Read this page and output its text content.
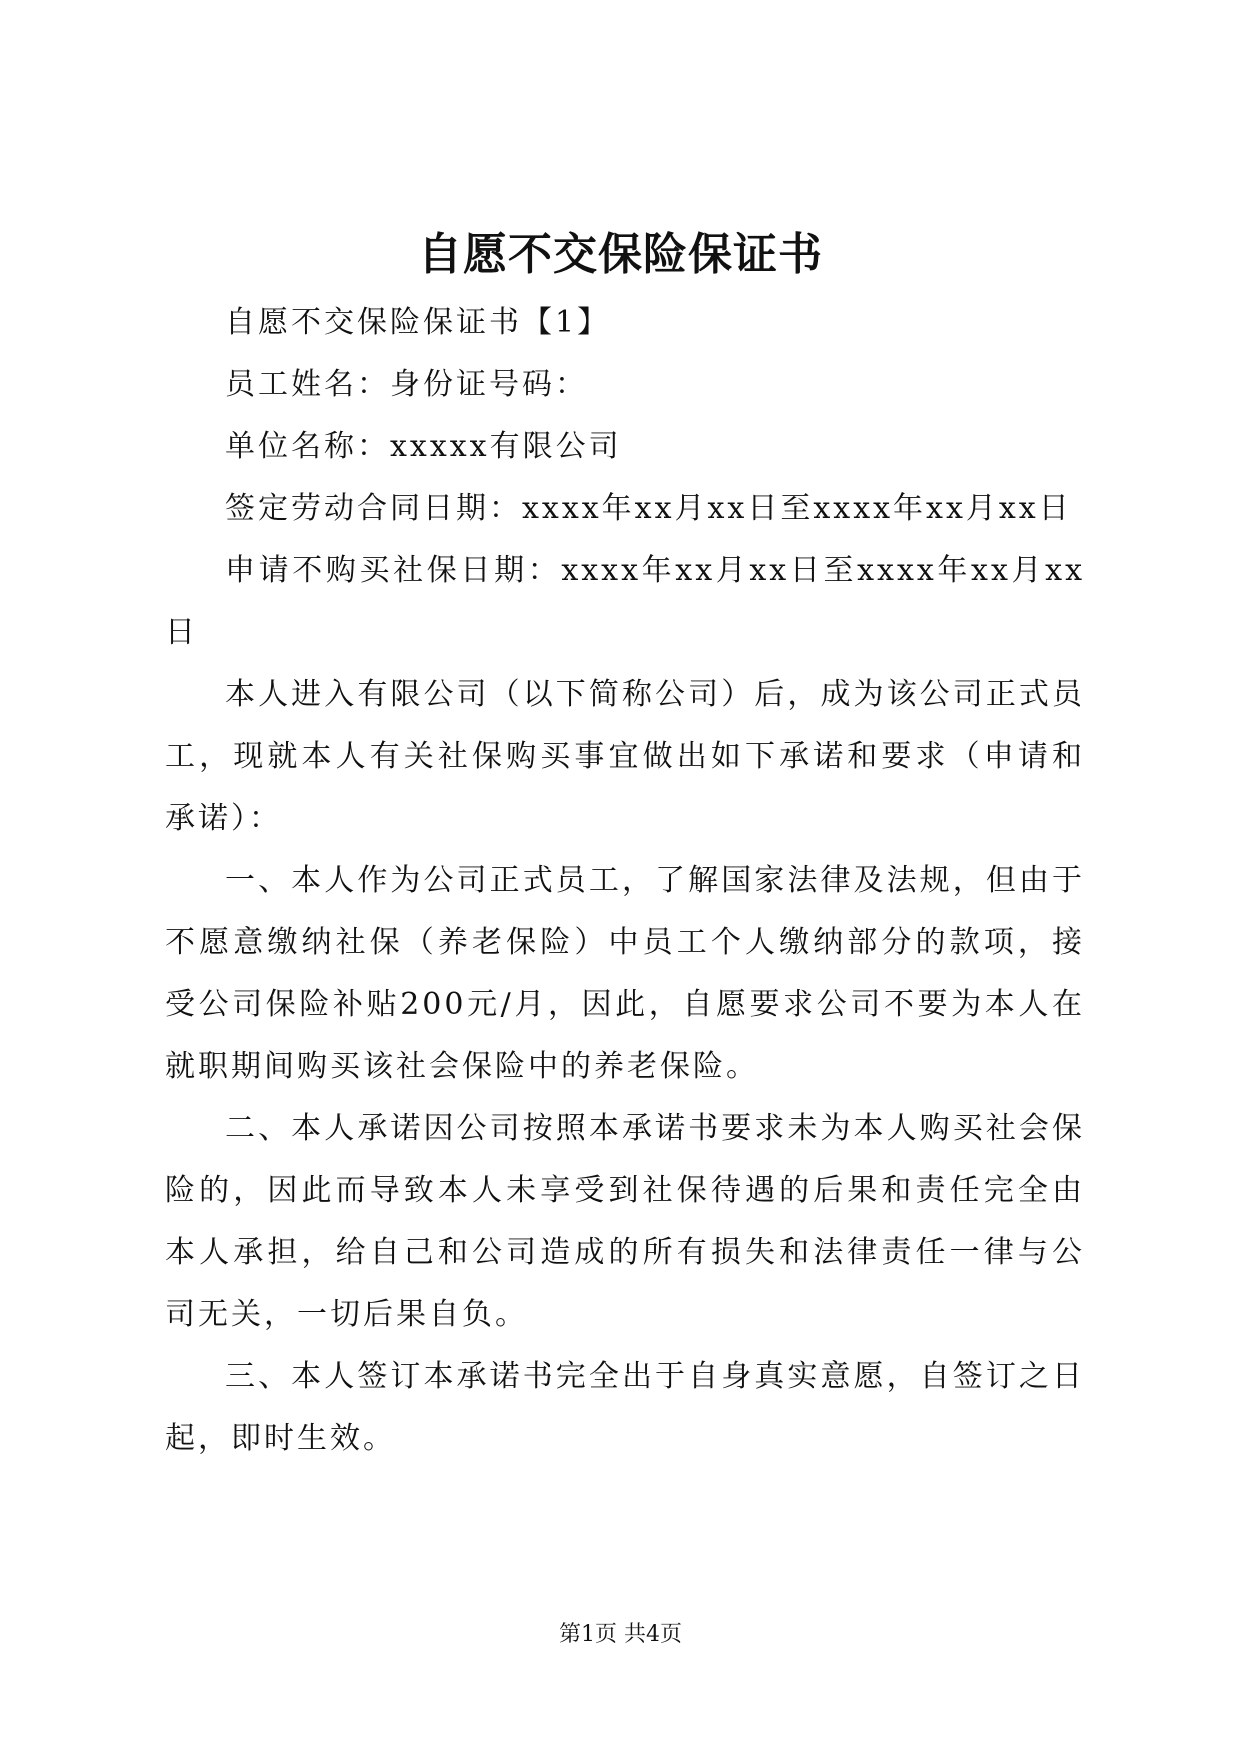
自愿不交保险保证书

自愿不交保险保证书【1】

员工姓名：身份证号码：

单位名称：xxxxx有限公司

签定劳动合同日期：xxxx年xx月xx日至xxxx年xx月xx日

申请不购买社保日期：xxxx年xx月xx日至xxxx年xx月xx日

本人进入有限公司（以下简称公司）后，成为该公司正式员工，现就本人有关社保购买事宜做出如下承诺和要求（申请和承诺）：

一、本人作为公司正式员工，了解国家法律及法规，但由于不愿意缴纳社保（养老保险）中员工个人缴纳部分的款项，接受公司保险补贴200元/月，因此，自愿要求公司不要为本人在就职期间购买该社会保险中的养老保险。

二、本人承诺因公司按照本承诺书要求未为本人购买社会保险的，因此而导致本人未享受到社保待遇的后果和责任完全由本人承担，给自己和公司造成的所有损失和法律责任一律与公司无关，一切后果自负。

三、本人签订本承诺书完全出于自身真实意愿，自签订之日起，即时生效。

第1页 共4页
